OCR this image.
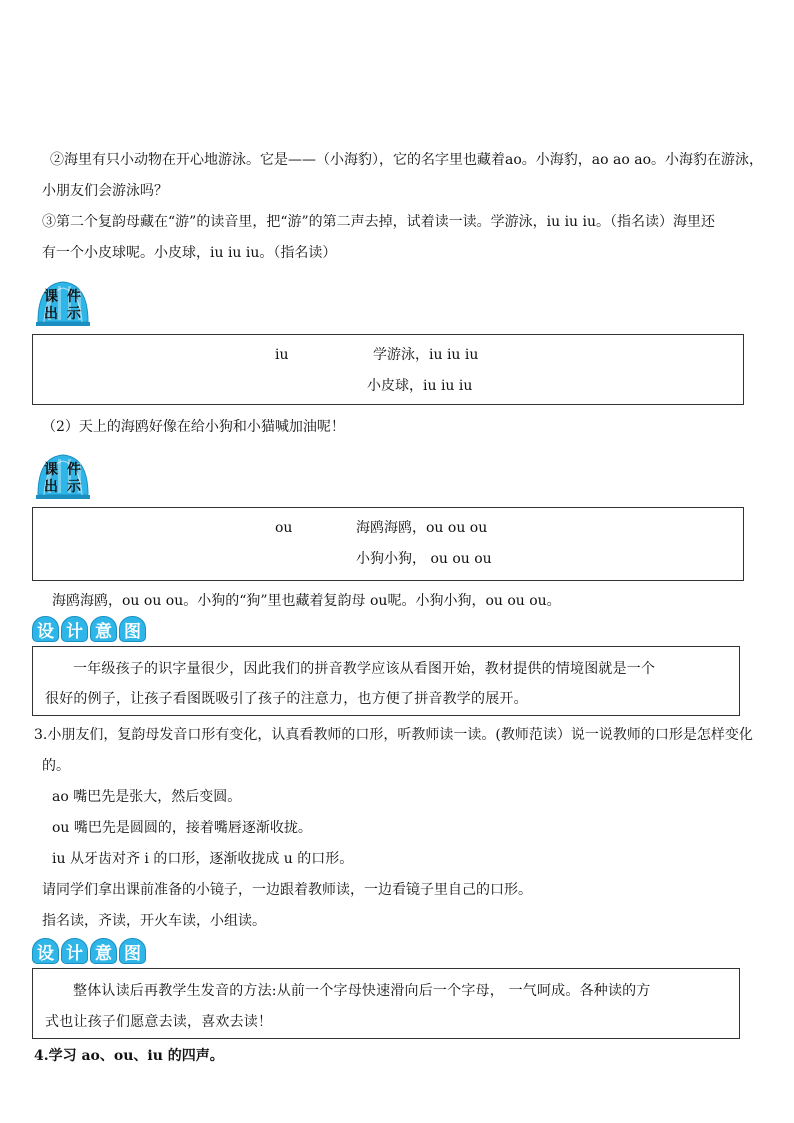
②海里有只小动物在开心地游泳。它是——（小海豹），它的名字里也藏着ao。小海豹，ao ao ao。小海豹在游泳，
小朋友们会游泳吗？
③第二个复韵母藏在“游”的读音里，把“游”的第二声去掉，试着读一读。学游泳，iu iu iu。（指名读）海里还
有一个小皮球呢。小皮球，iu iu iu。（指名读）
课 件
出 示
iu	学游泳，iu iu iu
小皮球，iu iu iu
（2）天上的海鸥好像在给小狗和小猫喊加油呢！
课 件
出 示
ou	海鸥海鸥，ou ou ou
小狗小狗， ou ou ou
海鸥海鸥，ou ou ou。小狗的“狗”里也藏着复韵母 ou呢。小狗小狗，ou ou ou。
设 计 意 图
一年级孩子的识字量很少，因此我们的拼音教学应该从看图开始，教材提供的情境图就是一个
很好的例子，让孩子看图既吸引了孩子的注意力，也方便了拼音教学的展开。
3.小朋友们，复韵母发音口形有变化，认真看教师的口形，听教师读一读。(教师范读）说一说教师的口形是怎样变化
的。
ao 嘴巴先是张大，然后变圆。
ou 嘴巴先是圆圆的，接着嘴唇逐渐收拢。
iu 从牙齿对齐 i 的口形，逐渐收拢成 u 的口形。
请同学们拿出课前准备的小镜子，一边跟着教师读，一边看镜子里自己的口形。
指名读，齐读，开火车读，小组读。
设 计 意 图
整体认读后再教学生发音的方法:从前一个字母快速滑向后一个字母， 一气呵成。各种读的方
式也让孩子们愿意去读，喜欢去读！
4.学习 ao、ou、iu 的四声。
